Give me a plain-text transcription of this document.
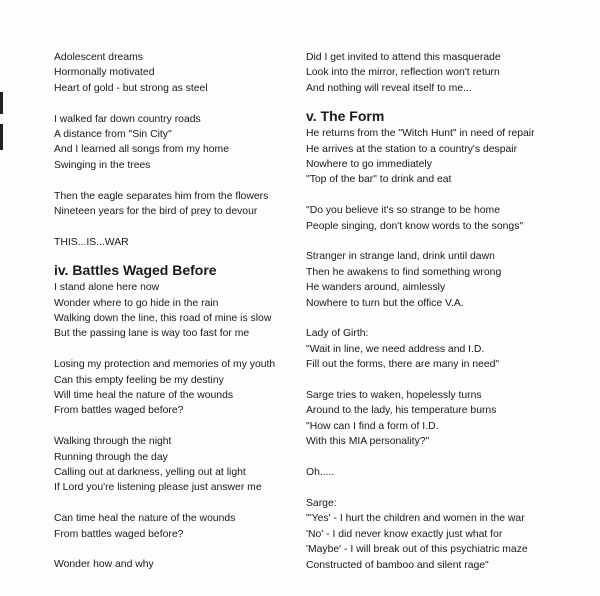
Adolescent dreams
Hormonally motivated
Heart of gold - but strong as steel
I walked far down country roads
A distance from "Sin City"
And I learned all songs from my home
Swinging in the trees
Then the eagle separates him from the flowers
Nineteen years for the bird of prey to devour
THIS...IS...WAR
iv. Battles Waged Before
I stand alone here now
Wonder where to go hide in the rain
Walking down the line, this road of mine is slow
But the passing lane is way too fast for me
Losing my protection and memories of my youth
Can this empty feeling be my destiny
Will time heal the nature of the wounds
From battles waged before?
Walking through the night
Running through the day
Calling out at darkness, yelling out at light
If Lord you're listening please just answer me
Can time heal the nature of the wounds
From battles waged before?
Wonder how and why
Did I get invited to attend this masquerade
Look into the mirror, reflection won't return
And nothing will reveal itself to me...
v. The Form
He returns from the "Witch Hunt" in need of repair
He arrives at the station to a country's despair
Nowhere to go immediately
"Top of the bar" to drink and eat
"Do you believe it's so strange to be home
People singing, don't know words to the songs"
Stranger in strange land, drink until dawn
Then he awakens to find something wrong
He wanders around, aimlessly
Nowhere to turn but the office V.A.
Lady of Girth:
"Wait in line, we need address and I.D.
Fill out the forms, there are many in need"
Sarge tries to waken, hopelessly turns
Around to the lady, his temperature burns
"How can I find a form of I.D.
With this MIA personality?"
Oh.....
Sarge:
"'Yes' - I hurt the children and women in the war
'No' - I did never know exactly just what for
'Maybe' - I will break out of this psychiatric maze
Constructed of bamboo and silent rage"
